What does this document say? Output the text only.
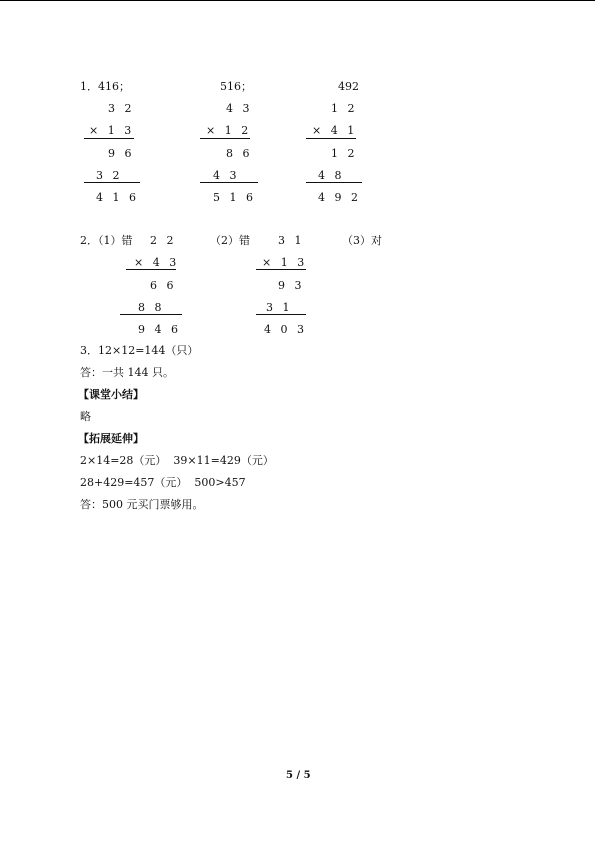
1．416；	516；	492
3 2
× 1 3
9 6
3 2
4 1 6
4 3
× 1 2
8 6
4 3
5 1 6
1 2
× 4 1
1 2
4 8
4 9 2
2．（1）错 2 2	（2）错	3 1	（3）对
× 4 3
6 6
8 8
9 4 6
× 1 3
9 3
3 1
4 0 3
3．12×12=144（只）
答：一共 144 只。
【课堂小结】
略
【拓展延伸】
2×14=28（元）  39×11=429（元）
28+429=457（元）  500>457
答：500 元买门票够用。
5 / 5
